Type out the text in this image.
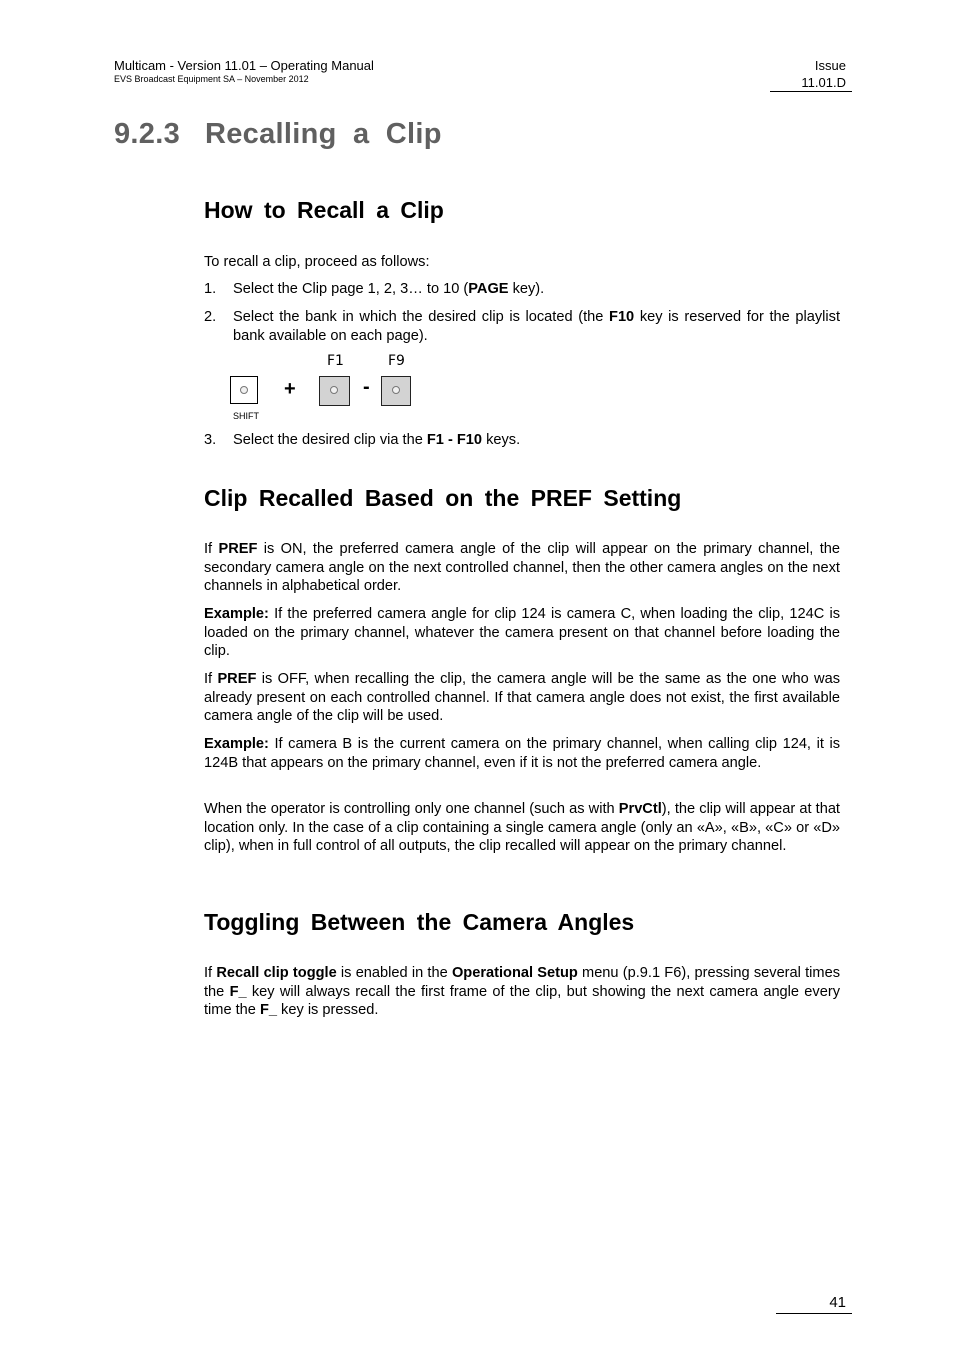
Multicam - Version 11.01 – Operating Manual
EVS Broadcast Equipment SA – November 2012
Issue
11.01.D
9.2.3 Recalling a Clip
How to Recall a Clip
To recall a clip, proceed as follows:
1. Select the Clip page 1, 2, 3… to 10 (PAGE key).
2. Select the bank in which the desired clip is located (the F10 key is reserved for the playlist bank available on each page).
SHIFT
+
F1
-
F9
3. Select the desired clip via the F1 - F10 keys.
Clip Recalled Based on the PREF Setting
If PREF is ON, the preferred camera angle of the clip will appear on the primary channel, the secondary camera angle on the next controlled channel, then the other camera angles on the next channels in alphabetical order.
Example: If the preferred camera angle for clip 124 is camera C, when loading the clip, 124C is loaded on the primary channel, whatever the camera present on that channel before loading the clip.
If PREF is OFF, when recalling the clip, the camera angle will be the same as the one who was already present on each controlled channel. If that camera angle does not exist, the first available camera angle of the clip will be used.
Example: If camera B is the current camera on the primary channel, when calling clip 124, it is 124B that appears on the primary channel, even if it is not the preferred camera angle.
When the operator is controlling only one channel (such as with PrvCtl), the clip will appear at that location only. In the case of a clip containing a single camera angle (only an «A», «B», «C» or «D» clip), when in full control of all outputs, the clip recalled will appear on the primary channel.
Toggling Between the Camera Angles
If Recall clip toggle is enabled in the Operational Setup menu (p.9.1 F6), pressing several times the F_ key will always recall the first frame of the clip, but showing the next camera angle every time the F_ key is pressed.
41
